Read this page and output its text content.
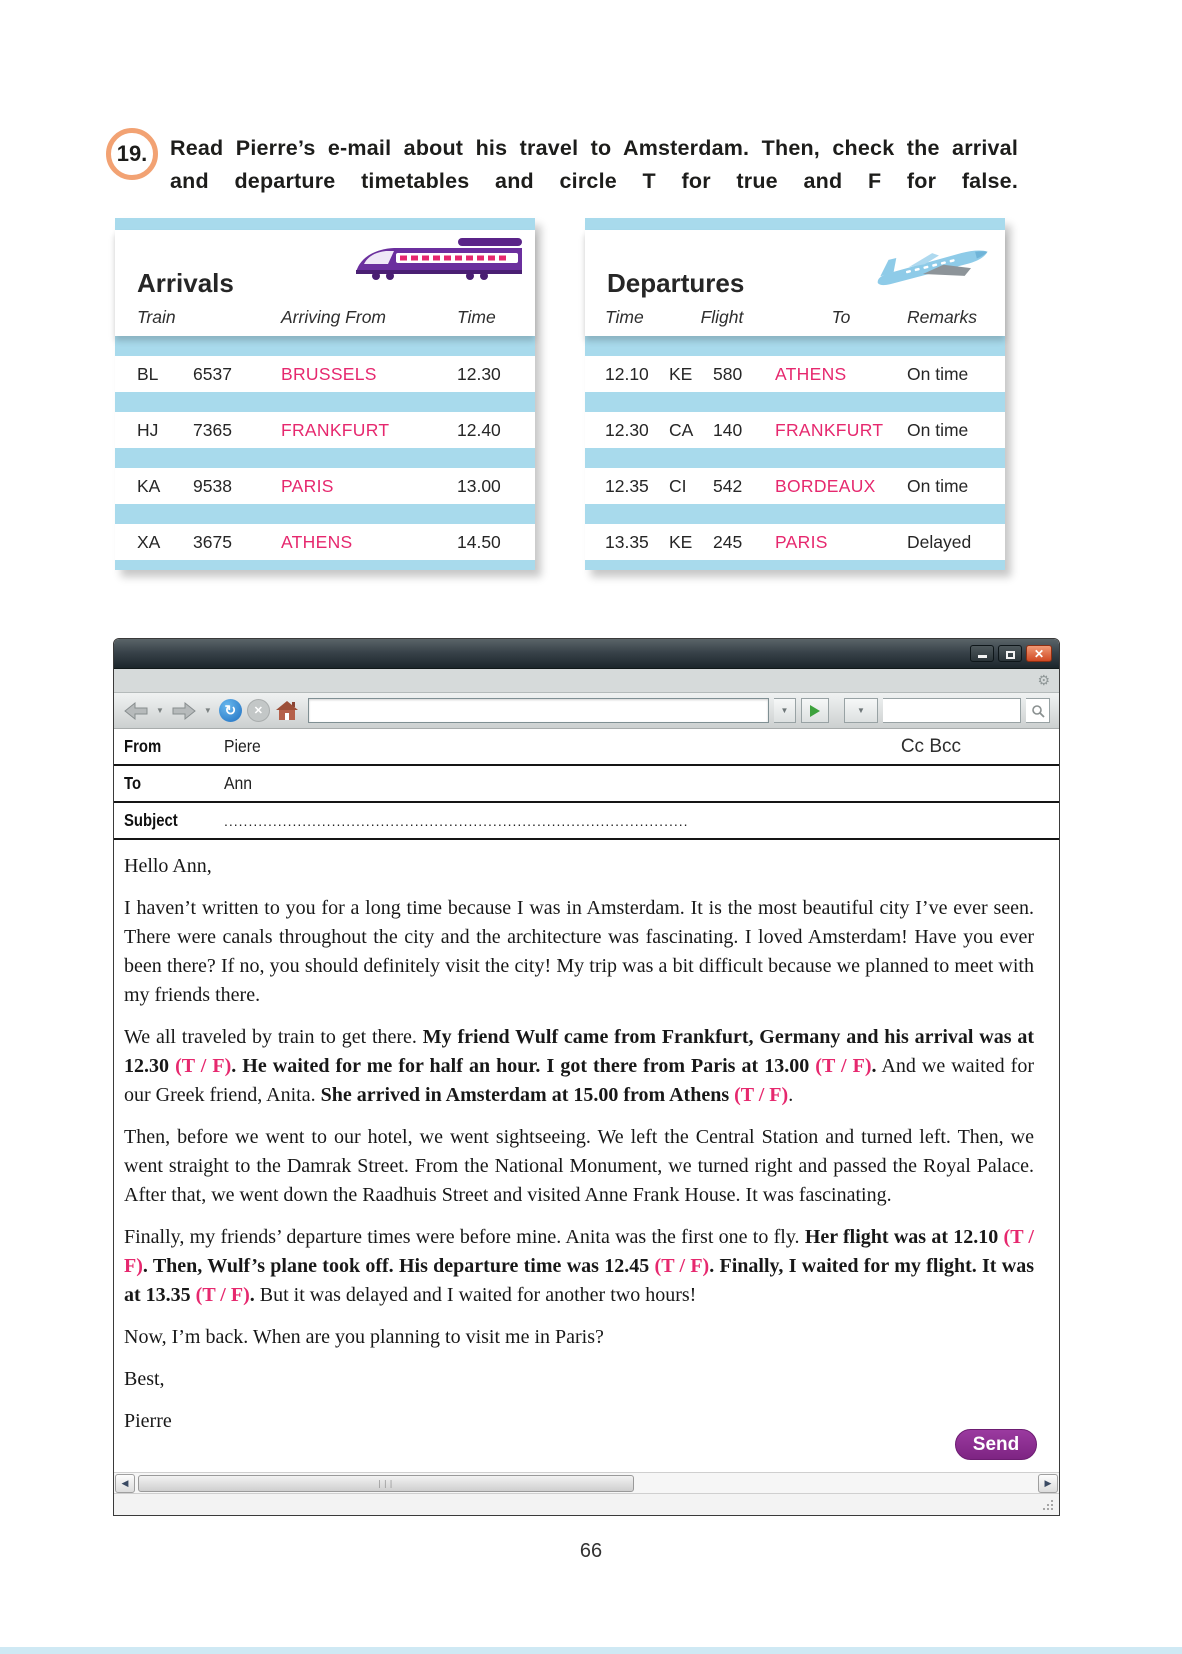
19.	Read Pierre’s e-mail about his travel to Amsterdam. Then, check the arrival and departure timetables and circle T for true and F for false.
Arrivals
Train	Arriving From	Time
BL	6537	BRUSSELS	12.30
HJ	7365	FRANKFURT	12.40
KA	9538	PARIS	13.00
XA	3675	ATHENS	14.50
Departures
Time	Flight	To	Remarks
12.10	KE	580	ATHENS	On time
12.30	CA	140	FRANKFURT	On time
12.35	CI	542	BORDEAUX	On time
13.35	KE	245	PARIS	Delayed
✕
⚙
▼	▼ ↻ ✕	▼	▼
From	Piere	Cc Bcc
To	Ann
Subject	...............................................................................................

Hello Ann,

I haven’t written to you for a long time because I was in Amsterdam. It is the most beautiful city I’ve ever seen. There were canals throughout the city and the architecture was fascinating. I loved Amsterdam! Have you ever been there? If no, you should definitely visit the city! My trip was a bit difficult because we planned to meet with my friends there.

We all traveled by train to get there. My friend Wulf came from Frankfurt, Germany and his arrival was at 12.30 (T / F). He waited for me for half an hour. I got there from Paris at 13.00 (T / F). And we waited for our Greek friend, Anita. She arrived in Amsterdam at 15.00 from Athens (T / F).

Then, before we went to our hotel, we went sightseeing. We left the Central Station and turned left. Then, we went straight to the Damrak Street. From the National Monument, we turned right and passed the Royal Palace. After that, we went down the Raadhuis Street and visited Anne Frank House. It was fascinating.

Finally, my friends’ departure times were before mine. Anita was the first one to fly. Her flight was at 12.10 (T / F). Then, Wulf’s plane took off. His departure time was 12.45 (T / F). Finally, I waited for my flight. It was at 13.35 (T / F). But it was delayed and I waited for another two hours!

Now, I’m back. When are you planning to visit me in Paris?

Best,

Pierre

Send
◀	|||	▶
66
